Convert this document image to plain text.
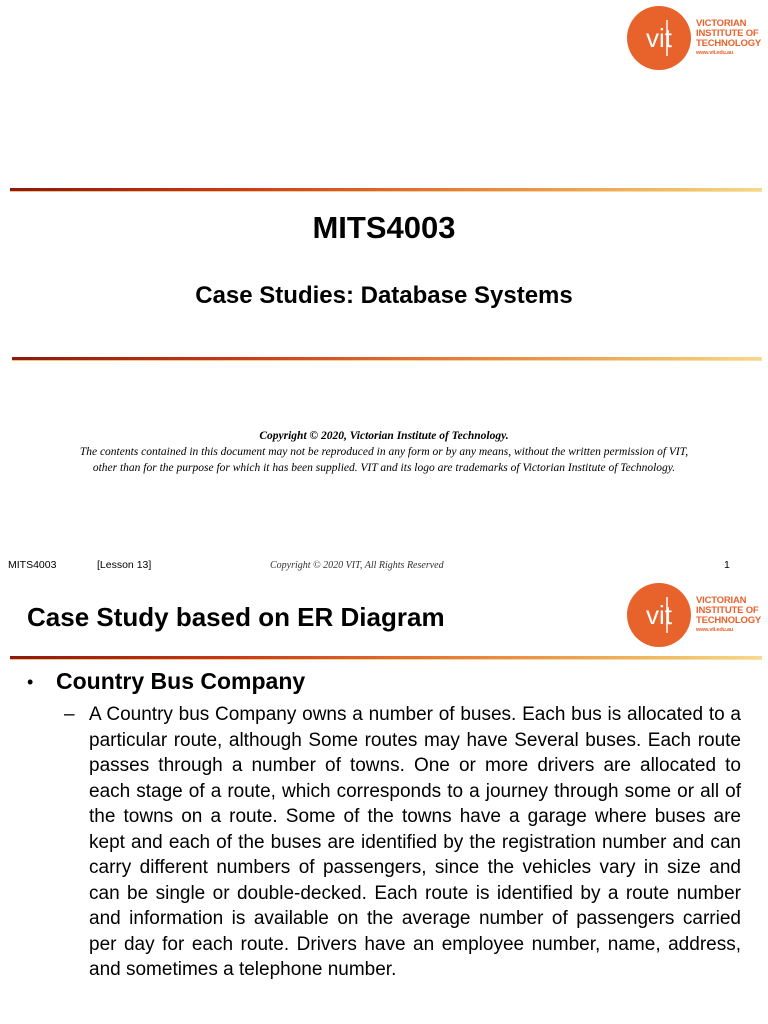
vit	VICTORIAN
INSTITUTE OF
TECHNOLOGY
www.vit.edu.au
MITS4003
Case Studies: Database Systems
Copyright © 2020, Victorian Institute of Technology.
The contents contained in this document may not be reproduced in any form or by any means, without the written permission of VIT,
other than for the purpose for which it has been supplied. VIT and its logo are trademarks of Victorian Institute of Technology.
MITS4003	[Lesson 13]	Copyright © 2020 VIT, All Rights Reserved	1
Case Study based on ER Diagram	vit	VICTORIAN
INSTITUTE OF
TECHNOLOGY
www.vit.edu.au
• Country Bus Company
– A Country bus Company owns a number of buses. Each bus is allocated to a particular route, although Some routes may have Several buses. Each route passes through a number of towns. One or more drivers are allocated to each stage of a route, which corresponds to a journey through some or all of the towns on a route. Some of the towns have a garage where buses are kept and each of the buses are identified by the registration number and can carry different numbers of passengers, since the vehicles vary in size and can be single or double-decked. Each route is identified by a route number and information is available on the average number of passengers carried per day for each route. Drivers have an employee number, name, address, and sometimes a telephone number.
